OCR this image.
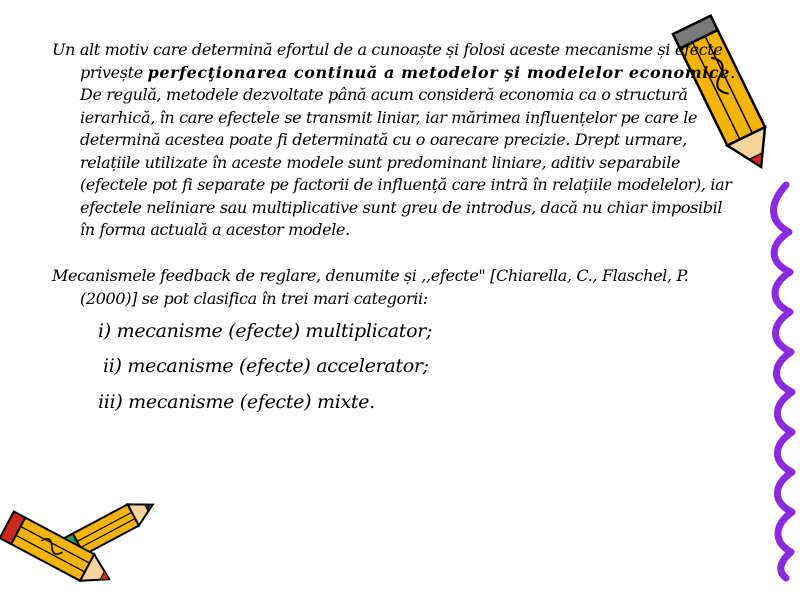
Un alt motiv care determină efortul de a cunoaște și folosi aceste mecanisme și efecte privește perfecţionarea continuă a metodelor şi modelelor economice. De regulă, metodele dezvoltate până acum consideră economia ca o structură ierarhică, în care efectele se transmit liniar, iar mărimea influențelor pe care le determină acestea poate fi determinată cu o oarecare precizie. Drept urmare, relațiile utilizate în aceste modele sunt predominant liniare, aditiv separabile (efectele pot fi separate pe factorii de influență care intră în relațiile modelelor), iar efectele neliniare sau multiplicative sunt greu de introdus, dacă nu chiar imposibil în forma actuală a acestor modele.
Mecanismele feedback de reglare, denumite și ,,efecte" [Chiarella, C., Flaschel, P. (2000)] se pot clasifica în trei mari categorii:
i) mecanisme (efecte) multiplicator;
ii) mecanisme (efecte) accelerator;
iii) mecanisme (efecte) mixte.
